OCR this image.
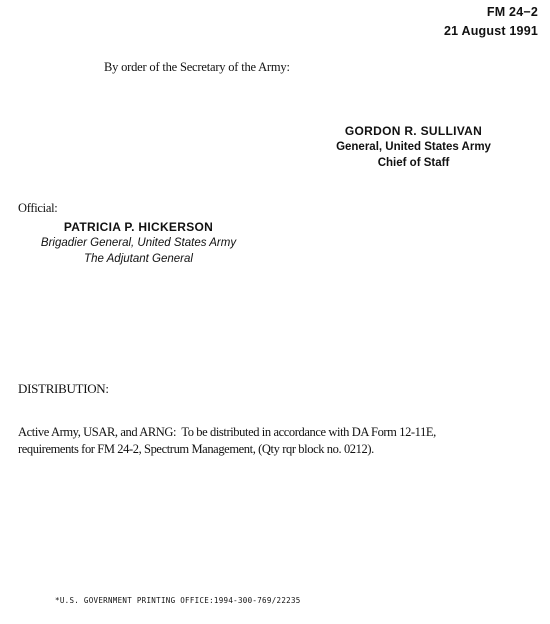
FM 24−2
21 August 1991
By order of the Secretary of the Army:
GORDON R. SULLIVAN
General, United States Army
Chief of Staff
Official:
PATRICIA P. HICKERSON
Brigadier General, United States Army
The Adjutant General
DISTRIBUTION:
Active Army, USAR, and ARNG:  To be distributed in accordance with DA Form 12-11E,
requirements for FM 24-2, Spectrum Management, (Qty rqr block no. 0212).
*U.S. GOVERNMENT PRINTING OFFICE:1994-300-769/22235
